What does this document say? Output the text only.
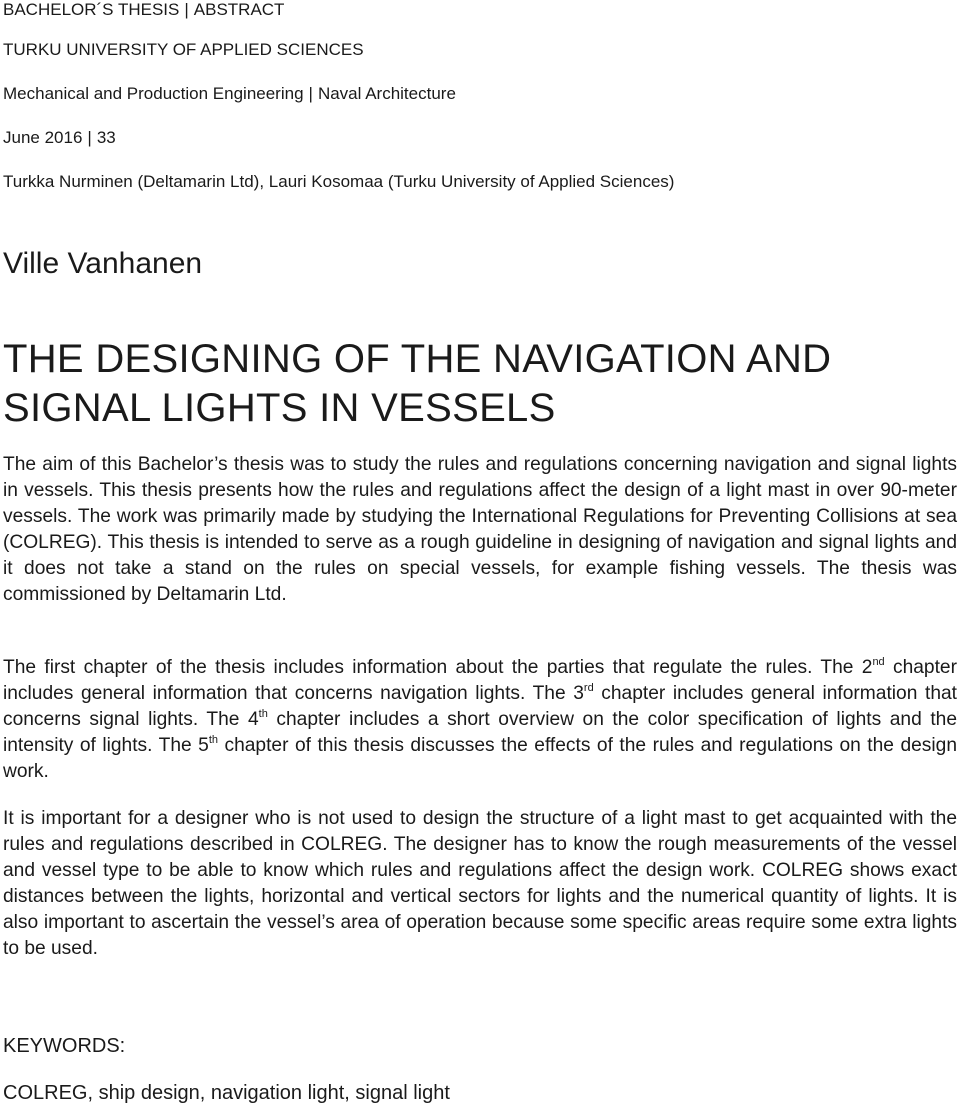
BACHELOR´S THESIS | ABSTRACT
TURKU UNIVERSITY OF APPLIED SCIENCES
Mechanical and Production Engineering | Naval Architecture
June 2016 | 33
Turkka Nurminen (Deltamarin Ltd), Lauri Kosomaa (Turku University of Applied Sciences)
Ville Vanhanen
THE DESIGNING OF THE NAVIGATION AND
SIGNAL LIGHTS IN VESSELS

The aim of this Bachelor’s thesis was to study the rules and regulations concerning navigation and signal lights in vessels. This thesis presents how the rules and regulations affect the design of a light mast in over 90-meter vessels. The work was primarily made by studying the International Regulations for Preventing Collisions at sea (COLREG). This thesis is intended to serve as a rough guideline in designing of navigation and signal lights and it does not take a stand on the rules on special vessels, for example fishing vessels. The thesis was commissioned by Deltamarin Ltd.

The first chapter of the thesis includes information about the parties that regulate the rules. The 2nd chapter includes general information that concerns navigation lights. The 3rd chapter includes general information that concerns signal lights. The 4th chapter includes a short overview on the color specification of lights and the intensity of lights. The 5th chapter of this thesis discusses the effects of the rules and regulations on the design work.

It is important for a designer who is not used to design the structure of a light mast to get acquainted with the rules and regulations described in COLREG. The designer has to know the rough measurements of the vessel and vessel type to be able to know which rules and regulations affect the design work. COLREG shows exact distances between the lights, horizontal and vertical sectors for lights and the numerical quantity of lights. It is also important to ascertain the vessel’s area of operation because some specific areas require some extra lights to be used.

KEYWORDS:
COLREG, ship design, navigation light, signal light
